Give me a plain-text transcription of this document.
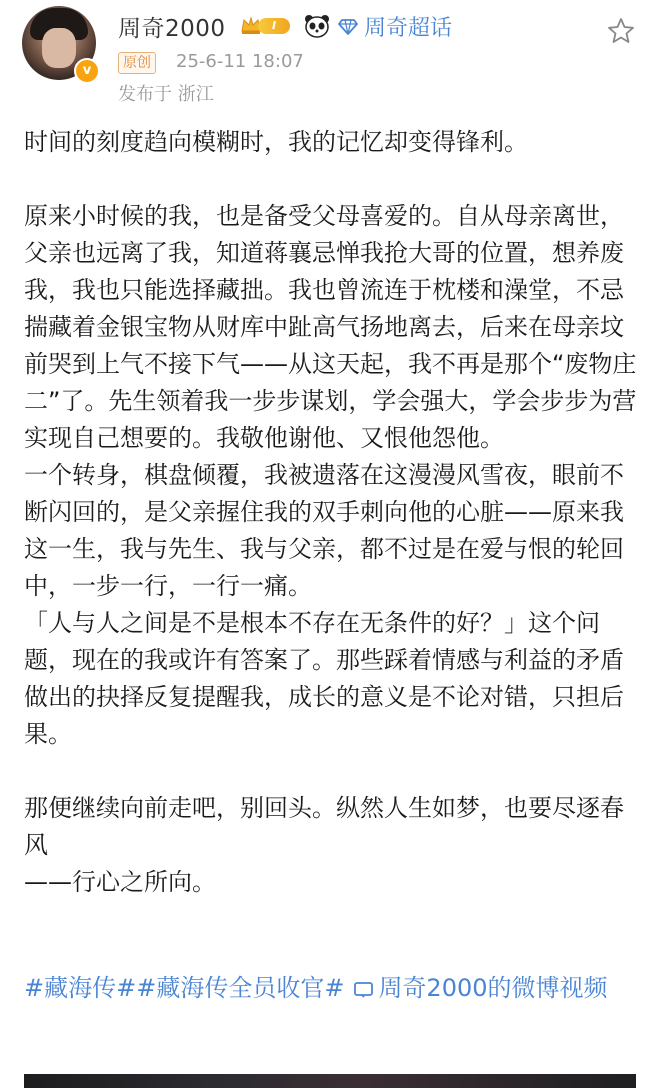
v
周奇2000	I	周奇超话
原创 25-6-11 18:07
发布于 浙江

时间的刻度趋向模糊时，我的记忆却变得锋利。

原来小时候的我，也是备受父母喜爱的。自从母亲离世，父亲也远离了我，知道蒋襄忌惮我抢大哥的位置，想养废我，我也只能选择藏拙。我也曾流连于枕楼和澡堂，不忌揣藏着金银宝物从财库中趾高气扬地离去，后来在母亲坟前哭到上气不接下气——从这天起，我不再是那个“废物庄二”了。先生领着我一步步谋划，学会强大，学会步步为营实现自己想要的。我敬他谢他、又恨他怨他。

一个转身，棋盘倾覆，我被遗落在这漫漫风雪夜，眼前不断闪回的，是父亲握住我的双手刺向他的心脏——原来我这一生，我与先生、我与父亲，都不过是在爱与恨的轮回中，一步一行，一行一痛。

「人与人之间是不是根本不存在无条件的好？」这个问题，现在的我或许有答案了。那些踩着情感与利益的矛盾做出的抉择反复提醒我，成长的意义是不论对错，只担后果。

那便继续向前走吧，别回头。纵然人生如梦，也要尽逐春风

——行心之所向。

#藏海传##藏海传全员收官# 周奇2000的微博视频
